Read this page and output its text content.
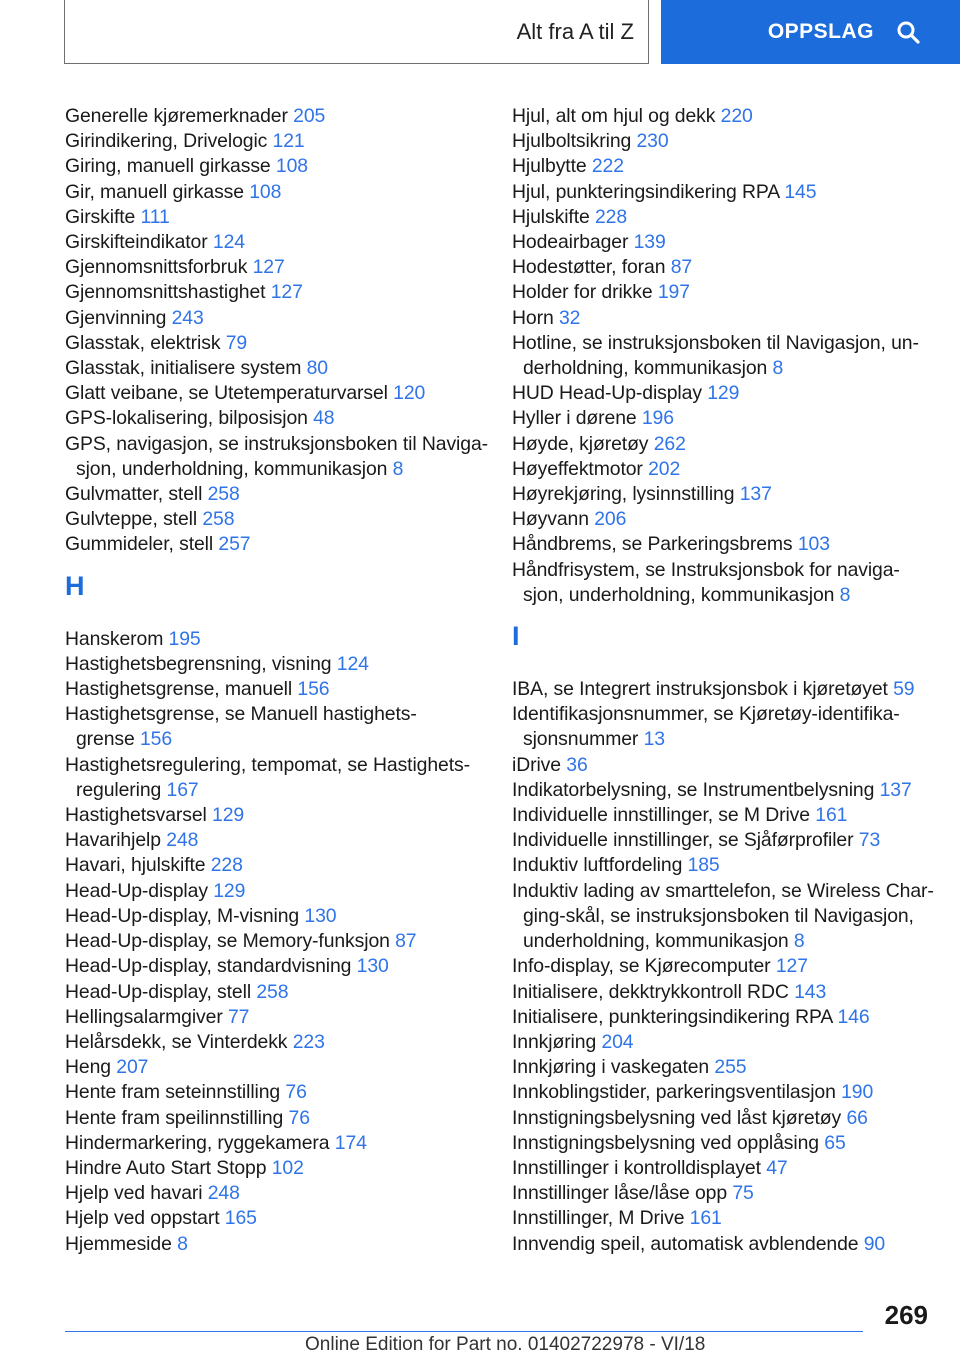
Alt fra A til Z	OPPSLAG
Generelle kjøremerknader 205
Girindikering, Drivelogic 121
Giring, manuell girkasse 108
Gir, manuell girkasse 108
Girskifte 111
Girskifteindikator 124
Gjennomsnittsforbruk 127
Gjennomsnittshastighet 127
Gjenvinning 243
Glasstak, elektrisk 79
Glasstak, initialisere system 80
Glatt veibane, se Utetemperaturvarsel 120
GPS-lokalisering, bilposisjon 48
GPS, navigasjon, se instruksjonsboken til Naviga-
sjon, underholdning, kommunikasjon 8
Gulvmatter, stell 258
Gulvteppe, stell 258
Gummideler, stell 257
H
Hanskerom 195
Hastighetsbegrensning, visning 124
Hastighetsgrense, manuell 156
Hastighetsgrense, se Manuell hastighets-
grense 156
Hastighetsregulering, tempomat, se Hastighets-
regulering 167
Hastighetsvarsel 129
Havarihjelp 248
Havari, hjulskifte 228
Head-Up-display 129
Head-Up-display, M-visning 130
Head-Up-display, se Memory-funksjon 87
Head-Up-display, standardvisning 130
Head-Up-display, stell 258
Hellingsalarmgiver 77
Helårsdekk, se Vinterdekk 223
Heng 207
Hente fram seteinnstilling 76
Hente fram speilinnstilling 76
Hindermarkering, ryggekamera 174
Hindre Auto Start Stopp 102
Hjelp ved havari 248
Hjelp ved oppstart 165
Hjemmeside 8
Hjul, alt om hjul og dekk 220
Hjulboltsikring 230
Hjulbytte 222
Hjul, punkteringsindikering RPA 145
Hjulskifte 228
Hodeairbager 139
Hodestøtter, foran 87
Holder for drikke 197
Horn 32
Hotline, se instruksjonsboken til Navigasjon, un-
derholdning, kommunikasjon 8
HUD Head-Up-display 129
Hyller i dørene 196
Høyde, kjøretøy 262
Høyeffektmotor 202
Høyrekjøring, lysinnstilling 137
Høyvann 206
Håndbrems, se Parkeringsbrems 103
Håndfrisystem, se Instruksjonsbok for naviga-
sjon, underholdning, kommunikasjon 8
I
IBA, se Integrert instruksjonsbok i kjøretøyet 59
Identifikasjonsnummer, se Kjøretøy-identifika-
sjonsnummer 13
iDrive 36
Indikatorbelysning, se Instrumentbelysning 137
Individuelle innstillinger, se M Drive 161
Individuelle innstillinger, se Sjåførprofiler 73
Induktiv luftfordeling 185
Induktiv lading av smarttelefon, se Wireless Char-
ging-skål, se instruksjonsboken til Navigasjon,
underholdning, kommunikasjon 8
Info-display, se Kjørecomputer 127
Initialisere, dekktrykkontroll RDC 143
Initialisere, punkteringsindikering RPA 146
Innkjøring 204
Innkjøring i vaskegaten 255
Innkoblingstider, parkeringsventilasjon 190
Innstigningsbelysning ved låst kjøretøy 66
Innstigningsbelysning ved opplåsing 65
Innstillinger i kontrolldisplayet 47
Innstillinger låse/låse opp 75
Innstillinger, M Drive 161
Innvendig speil, automatisk avblendende 90
269
Online Edition for Part no. 01402722978 - VI/18
